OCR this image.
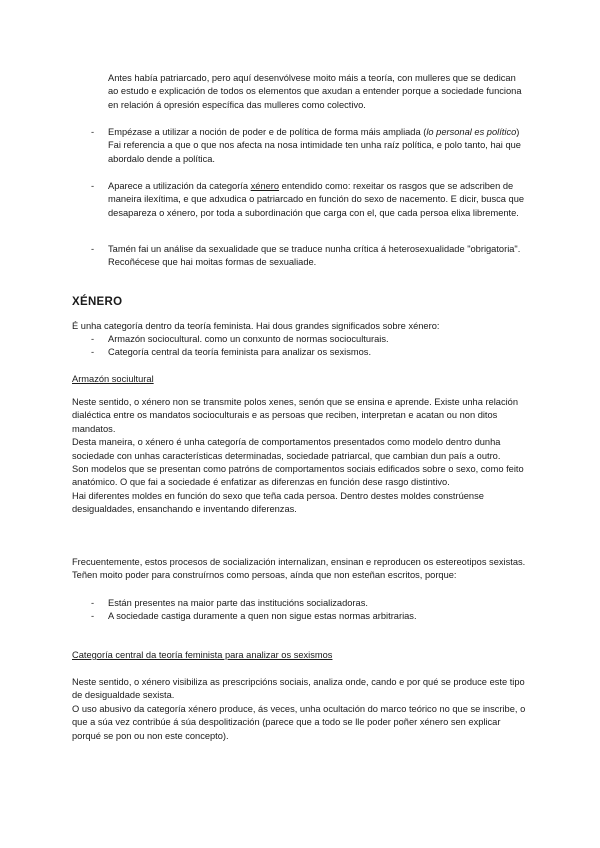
Antes había patriarcado, pero aquí desenvólvese moito máis a teoría, con mulleres que se dedican ao estudo e explicación de todos os elementos que axudan a entender porque a sociedade funciona en relación á opresión específica das mulleres como colectivo.

-	Empézase a utilizar a noción de poder e de política de forma máis ampliada (lo personal es político) Fai referencia a que o que nos afecta na nosa intimidade ten unha raíz política, e polo tanto, hai que abordalo dende a política.
-	Aparece a utilización da categoría xénero entendido como: rexeitar os rasgos que se adscriben de maneira ilexítima, e que adxudica o patriarcado en función do sexo de nacemento. E dicir, busca que desapareza o xénero, por toda a subordinación que carga con el, que cada persoa elixa libremente.
-	Tamén fai un análise da sexualidade que se traduce nunha crítica á heterosexualidade "obrigatoria". Recoñécese que hai moitas formas de sexualiade.
XÉNERO

É unha categoría dentro da teoría feminista. Hai dous grandes significados sobre xénero:

-	Armazón sociocultural. como un conxunto de normas socioculturais.
-	Categoría central da teoría feminista para analizar os sexismos.
Armazón sociultural

Neste sentido, o xénero non se transmite polos xenes, senón que se ensina e aprende. Existe unha relación dialéctica entre os mandatos socioculturais e as persoas que reciben, interpretan e acatan ou non ditos mandatos.

Desta maneira, o xénero é unha categoría de comportamentos presentados como modelo dentro dunha sociedade con unhas características determinadas, sociedade patriarcal, que cambian dun país a outro.

Son modelos que se presentan como patróns de comportamentos sociais edificados sobre o sexo, como feito anatómico. O que fai a sociedade é enfatizar as diferenzas en función dese rasgo distintivo.

Hai diferentes moldes en función do sexo que teña cada persoa. Dentro destes moldes constrúense desigualdades, ensanchando e inventando diferenzas.

Frecuentemente, estos procesos de socialización internalizan, ensinan e reproducen os estereotipos sexistas. Teñen moito poder para construírnos como persoas, aínda que non esteñan escritos, porque:

-	Están presentes na maior parte das institucións socializadoras.
-	A sociedade castiga duramente a quen non sigue estas normas arbitrarias.
Categoría central da teoría feminista para analizar os sexismos

Neste sentido, o xénero visibiliza as prescripcións sociais, analiza onde, cando e por qué se produce este tipo de desigualdade sexista.

O uso abusivo da categoría xénero produce, ás veces, unha ocultación do marco teórico no que se inscribe, o que a súa vez contribúe á súa despolitización (parece que a todo se lle poder poñer xénero sen explicar porqué se pon ou non este concepto).
